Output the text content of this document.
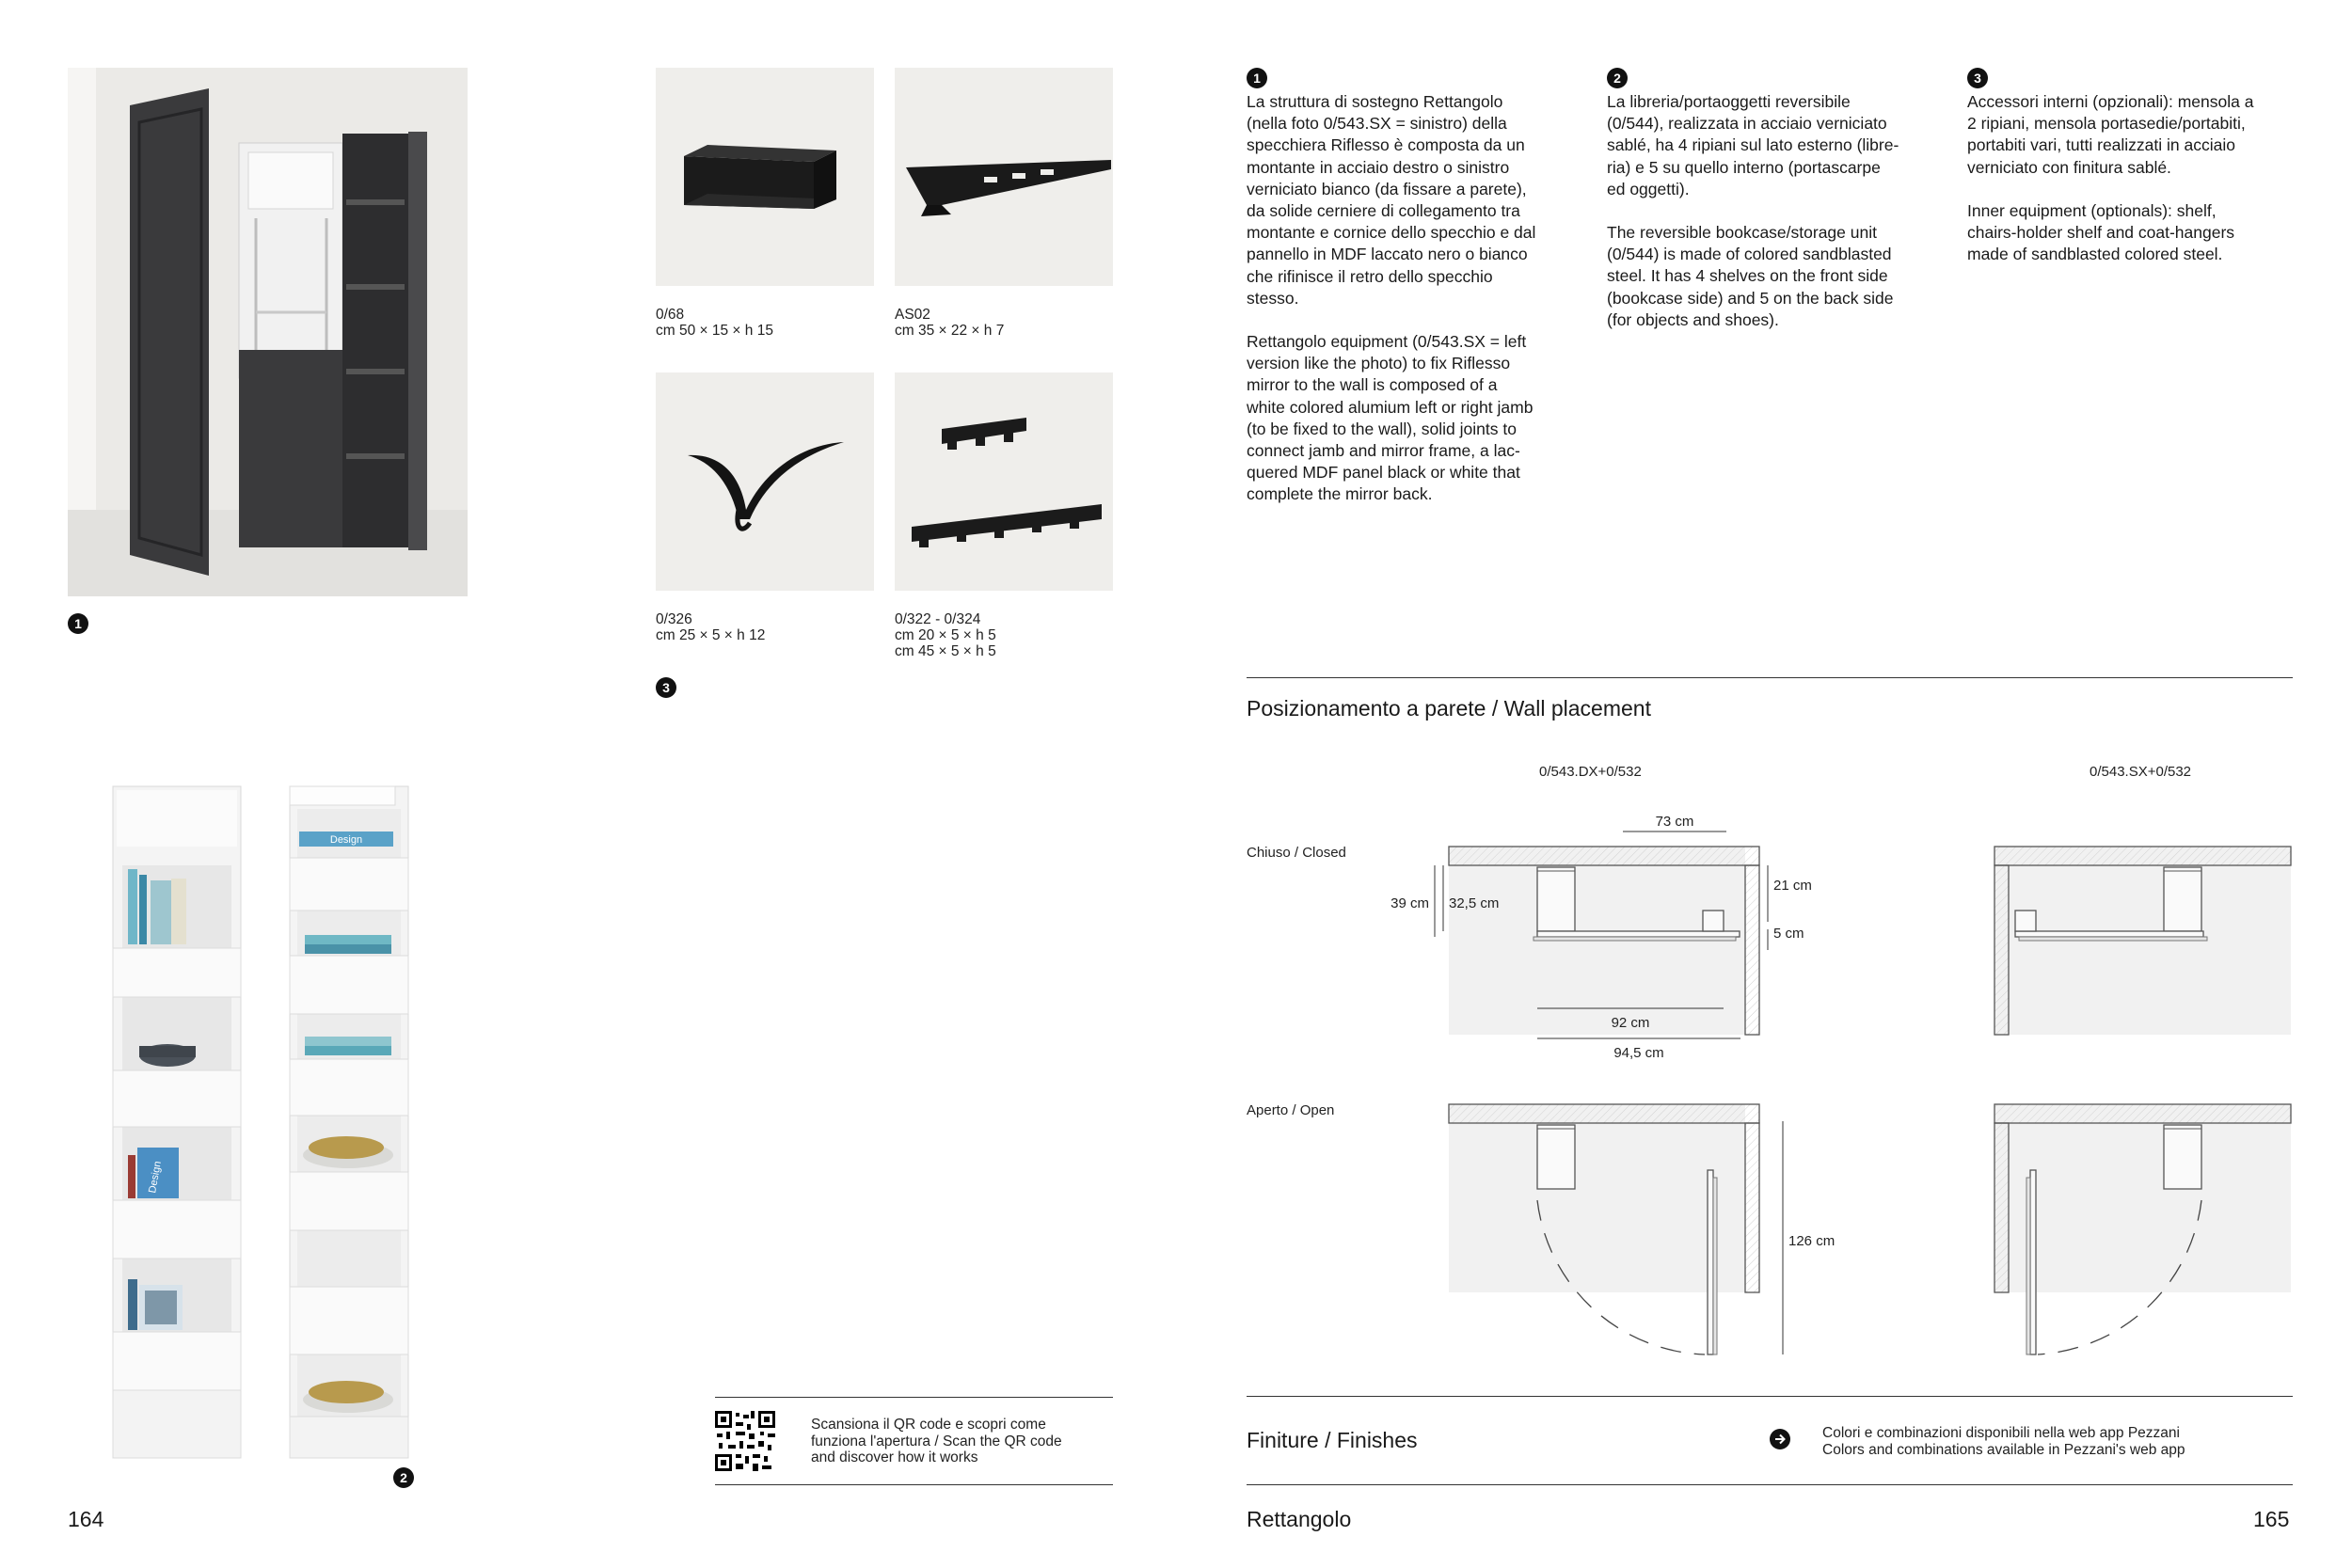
1
0/68
cm 50 × 15 × h 15
AS02
cm 35 × 22 × h 7
0/326
cm 25 × 5 × h 12
0/322 - 0/324
cm 20 × 5 × h 5
cm 45 × 5 × h 5
3
Design
Design
2
Scansiona il QR code e scopri come
funziona l'apertura / Scan the QR code
and discover how it works
164
1

La struttura di sostegno Rettangolo
(nella foto 0/543.SX = sinistro) della
specchiera Riflesso è composta da un
montante in acciaio destro o sinistro
verniciato bianco (da fissare a parete),
da solide cerniere di collegamento tra
montante e cornice dello specchio e dal
pannello in MDF laccato nero o bianco
che rifinisce il retro dello specchio
stesso.

Rettangolo equipment (0/543.SX = left
version like the photo) to fix Riflesso
mirror to the wall is composed of a
white colored alumium left or right jamb
(to be fixed to the wall), solid joints to
connect jamb and mirror frame, a lac-
quered MDF panel black or white that
complete the mirror back.

2

La libreria/portaoggetti reversibile
(0/544), realizzata in acciaio verniciato
sablé, ha 4 ripiani sul lato esterno (libre-
ria) e 5 su quello interno (portascarpe
ed oggetti).

The reversible bookcase/storage unit
(0/544) is made of colored sandblasted
steel. It has 4 shelves on the front side
(bookcase side) and 5 on the back side
(for objects and shoes).

3

Accessori interni (opzionali): mensola a
2 ripiani, mensola portasedie/portabiti,
portabiti vari, tutti realizzati in acciaio
verniciato con finitura sablé.

Inner equipment (optionals): shelf,
chairs-holder shelf and coat-hangers
made of sandblasted colored steel.

Posizionamento a parete / Wall placement
0/543.DX+0/532	0/543.SX+0/532
Chiuso / Closed
Aperto / Open
73 cm
39 cm 32,5 cm
21 cm
5 cm
92 cm
94,5 cm
126 cm
Finiture / Finishes	Colori e combinazioni disponibili nella web app Pezzani
Colors and combinations available in Pezzani's web app
Rettangolo	165
